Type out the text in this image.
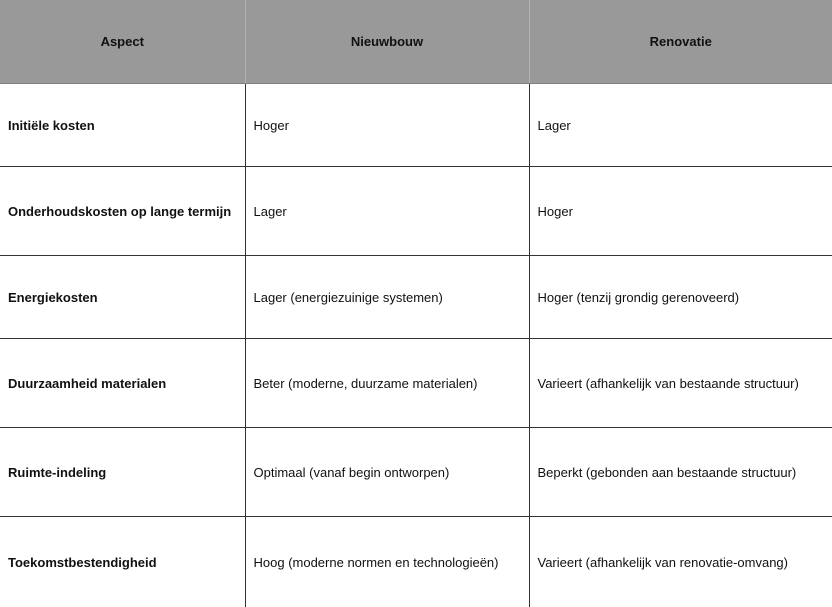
Aspect	Nieuwbouw	Renovatie
Initiële kosten	Hoger	Lager
Onderhoudskosten op lange termijn	Lager	Hoger
Energiekosten	Lager (energiezuinige systemen)	Hoger (tenzij grondig gerenoveerd)
Duurzaamheid materialen	Beter (moderne, duurzame materialen)	Varieert (afhankelijk van bestaande structuur)
Ruimte-indeling	Optimaal (vanaf begin ontworpen)	Beperkt (gebonden aan bestaande structuur)
Toekomstbestendigheid	Hoog (moderne normen en technologieën)	Varieert (afhankelijk van renovatie-omvang)
